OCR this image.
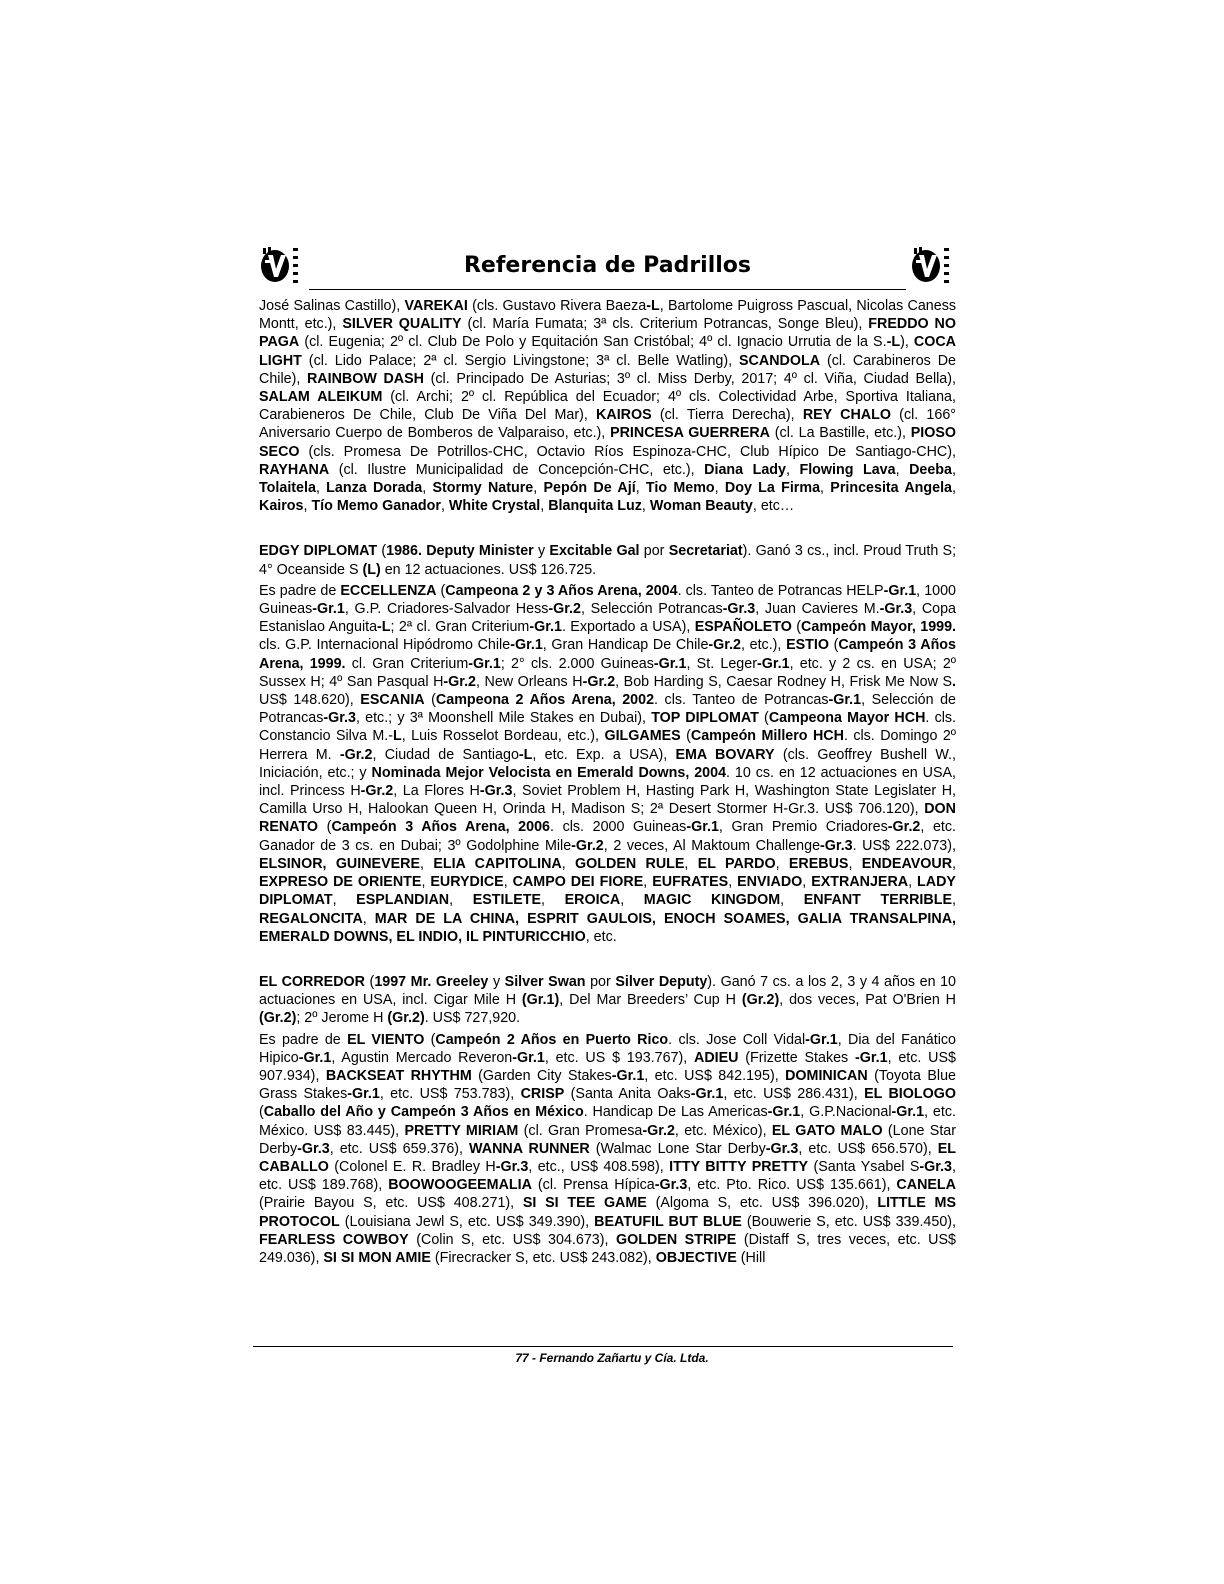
Referencia de Padrillos

José Salinas Castillo), VAREKAI (cls. Gustavo Rivera Baeza-L, Bartolome Puigross Pascual, Nicolas Caness Montt, etc.), SILVER QUALITY (cl. María Fumata; 3ª cls. Criterium Potrancas, Songe Bleu), FREDDO NO PAGA (cl. Eugenia; 2º cl. Club De Polo y Equitación San Cristóbal; 4º cl. Ignacio Urrutia de la S.-L), COCA LIGHT (cl. Lido Palace; 2ª cl. Sergio Livingstone; 3ª cl. Belle Watling), SCANDOLA (cl. Carabineros De Chile), RAINBOW DASH (cl. Principado De Asturias; 3º cl. Miss Derby, 2017; 4º cl. Viña, Ciudad Bella), SALAM ALEIKUM (cl. Archi; 2º cl. República del Ecuador; 4º cls. Colectividad Arbe, Sportiva Italiana, Carabieneros De Chile, Club De Viña Del Mar), KAIROS (cl. Tierra Derecha), REY CHALO (cl. 166° Aniversario Cuerpo de Bomberos de Valparaiso, etc.), PRINCESA GUERRERA (cl. La Bastille, etc.), PIOSO SECO (cls. Promesa De Potrillos-CHC, Octavio Ríos Espinoza-CHC, Club Hípico De Santiago-CHC), RAYHANA (cl. Ilustre Municipalidad de Concepción-CHC, etc.), Diana Lady, Flowing Lava, Deeba, Tolaitela, Lanza Dorada, Stormy Nature, Pepón De Ají, Tio Memo, Doy La Firma, Princesita Angela, Kairos, Tío Memo Ganador, White Crystal, Blanquita Luz, Woman Beauty, etc…

EDGY DIPLOMAT (1986. Deputy Minister y Excitable Gal por Secretariat). Ganó 3 cs., incl. Proud Truth S; 4° Oceanside S (L) en 12 actuaciones. US$ 126.725.

Es padre de ECCELLENZA (Campeona 2 y 3 Años Arena, 2004. cls. Tanteo de Potrancas HELP-Gr.1, 1000 Guineas-Gr.1, G.P. Criadores-Salvador Hess-Gr.2, Selección Potrancas-Gr.3, Juan Cavieres M.-Gr.3, Copa Estanislao Anguita-L; 2ª cl. Gran Criterium-Gr.1. Exportado a USA), ESPAÑOLETO (Campeón Mayor, 1999. cls. G.P. Internacional Hipódromo Chile-Gr.1, Gran Handicap De Chile-Gr.2, etc.), ESTIO (Campeón 3 Años Arena, 1999. cl. Gran Criterium-Gr.1; 2° cls. 2.000 Guineas-Gr.1, St. Leger-Gr.1, etc. y 2 cs. en USA; 2º Sussex H; 4º San Pasqual H-Gr.2, New Orleans H-Gr.2, Bob Harding S, Caesar Rodney H, Frisk Me Now S. US$ 148.620), ESCANIA (Campeona 2 Años Arena, 2002. cls. Tanteo de Potrancas-Gr.1, Selección de Potrancas-Gr.3, etc.; y 3ª Moonshell Mile Stakes en Dubai), TOP DIPLOMAT (Campeona Mayor HCH. cls. Constancio Silva M.-L, Luis Rosselot Bordeau, etc.), GILGAMES (Campeón Millero HCH. cls. Domingo 2º Herrera M. -Gr.2, Ciudad de Santiago-L, etc. Exp. a USA), EMA BOVARY (cls. Geoffrey Bushell W., Iniciación, etc.; y Nominada Mejor Velocista en Emerald Downs, 2004. 10 cs. en 12 actuaciones en USA, incl. Princess H-Gr.2, La Flores H-Gr.3, Soviet Problem H, Hasting Park H, Washington State Legislater H, Camilla Urso H, Halookan Queen H, Orinda H, Madison S; 2ª Desert Stormer H-Gr.3. US$ 706.120), DON RENATO (Campeón 3 Años Arena, 2006. cls. 2000 Guineas-Gr.1, Gran Premio Criadores-Gr.2, etc. Ganador de 3 cs. en Dubai; 3º Godolphine Mile-Gr.2, 2 veces, Al Maktoum Challenge-Gr.3. US$ 222.073), ELSINOR, GUINEVERE, ELIA CAPITOLINA, GOLDEN RULE, EL PARDO, EREBUS, ENDEAVOUR, EXPRESO DE ORIENTE, EURYDICE, CAMPO DEI FIORE, EUFRATES, ENVIADO, EXTRANJERA, LADY DIPLOMAT, ESPLANDIAN, ESTILETE, EROICA, MAGIC KINGDOM, ENFANT TERRIBLE, REGALONCITA, MAR DE LA CHINA, ESPRIT GAULOIS, ENOCH SOAMES, GALIA TRANSALPINA, EMERALD DOWNS, EL INDIO, IL PINTURICCHIO, etc.

EL CORREDOR (1997 Mr. Greeley y Silver Swan por Silver Deputy). Ganó 7 cs. a los 2, 3 y 4 años en 10 actuaciones en USA, incl. Cigar Mile H (Gr.1), Del Mar Breeders’ Cup H (Gr.2), dos veces, Pat O'Brien H (Gr.2); 2º Jerome H (Gr.2). US$ 727,920.

Es padre de EL VIENTO (Campeón 2 Años en Puerto Rico. cls. Jose Coll Vidal-Gr.1, Dia del Fanático Hipico-Gr.1, Agustin Mercado Reveron-Gr.1, etc. US $ 193.767), ADIEU (Frizette Stakes -Gr.1, etc. US$ 907.934), BACKSEAT RHYTHM (Garden City Stakes-Gr.1, etc. US$ 842.195), DOMINICAN (Toyota Blue Grass Stakes-Gr.1, etc. US$ 753.783), CRISP (Santa Anita Oaks-Gr.1, etc. US$ 286.431), EL BIOLOGO (Caballo del Año y Campeón 3 Años en México. Handicap De Las Americas-Gr.1, G.P.Nacional-Gr.1, etc. México. US$ 83.445), PRETTY MIRIAM (cl. Gran Promesa-Gr.2, etc. México), EL GATO MALO (Lone Star Derby-Gr.3, etc. US$ 659.376), WANNA RUNNER (Walmac Lone Star Derby-Gr.3, etc. US$ 656.570), EL CABALLO (Colonel E. R. Bradley H-Gr.3, etc., US$ 408.598), ITTY BITTY PRETTY (Santa Ysabel S-Gr.3, etc. US$ 189.768), BOOWOOGEEMALIA (cl. Prensa Hípica-Gr.3, etc. Pto. Rico. US$ 135.661), CANELA (Prairie Bayou S, etc. US$ 408.271), SI SI TEE GAME (Algoma S, etc. US$ 396.020), LITTLE MS PROTOCOL (Louisiana Jewl S, etc. US$ 349.390), BEATUFIL BUT BLUE (Bouwerie S, etc. US$ 339.450), FEARLESS COWBOY (Colin S, etc. US$ 304.673), GOLDEN STRIPE (Distaff S, tres veces, etc. US$ 249.036), SI SI MON AMIE (Firecracker S, etc. US$ 243.082), OBJECTIVE (Hill

77 - Fernando Zañartu y Cía. Ltda.
